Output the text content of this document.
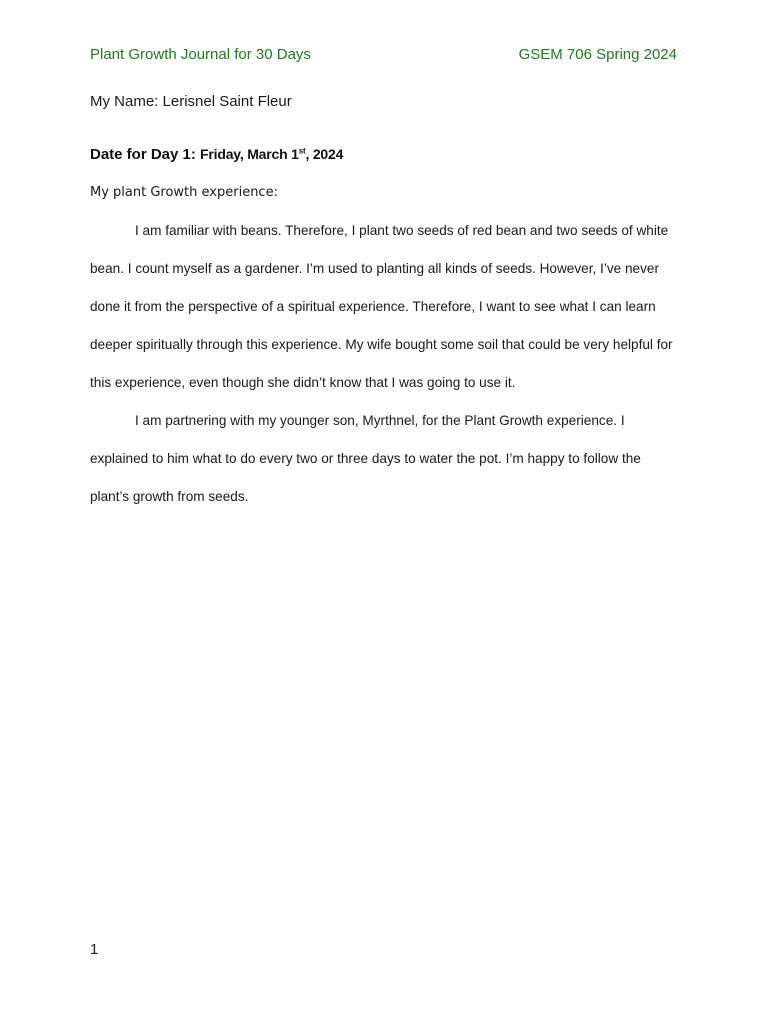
Plant Growth Journal for 30 Days	GSEM 706 Spring 2024
My Name: Lerisnel Saint Fleur
Date for Day 1: Friday, March 1st, 2024
My plant Growth experience:

I am familiar with beans. Therefore, I plant two seeds of red bean and two seeds of white bean. I count myself as a gardener. I’m used to planting all kinds of seeds. However, I’ve never done it from the perspective of a spiritual experience. Therefore, I want to see what I can learn deeper spiritually through this experience. My wife bought some soil that could be very helpful for this experience, even though she didn’t know that I was going to use it.

I am partnering with my younger son, Myrthnel, for the Plant Growth experience. I explained to him what to do every two or three days to water the pot. I’m happy to follow the plant’s growth from seeds.

1
